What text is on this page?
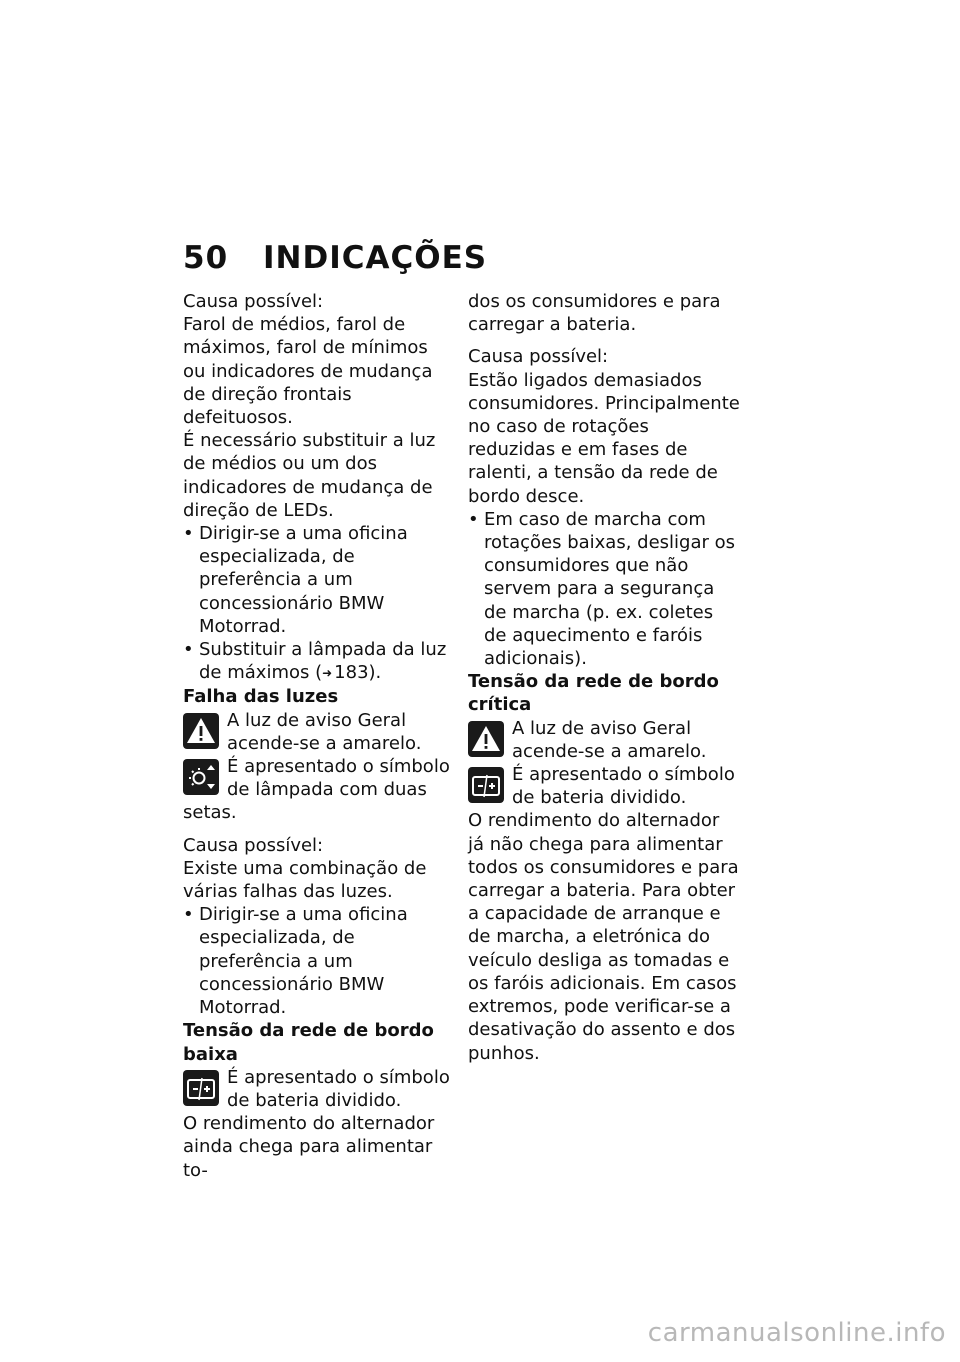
50	INDICAÇÕES

Causa possível:

Farol de médios, farol de máximos, farol de mínimos ou indicadores de mudança de direção frontais defeituosos.

É necessário substituir a luz de médios ou um dos indicadores de mudança de direção de LEDs.

• Dirigir-se a uma oficina especializada, de preferência a um concessionário BMW Motorrad.

• Substituir a lâmpada da luz de máximos (➜ 183).

Falha das luzes

A luz de aviso Geral acende-se a amarelo.
É apresentado o símbolo de lâmpada com duas setas.

Causa possível:

Existe uma combinação de várias falhas das luzes.

• Dirigir-se a uma oficina especializada, de preferência a um concessionário BMW Motorrad.

Tensão da rede de bordo baixa

É apresentado o símbolo de bateria dividido.

O rendimento do alternador ainda chega para alimentar to-

dos os consumidores e para carregar a bateria.

Causa possível:

Estão ligados demasiados consumidores. Principalmente no caso de rotações reduzidas e em fases de ralenti, a tensão da rede de bordo desce.

• Em caso de marcha com rotações baixas, desligar os consumidores que não servem para a segurança de marcha (p. ex. coletes de aquecimento e faróis adicionais).

Tensão da rede de bordo crítica

A luz de aviso Geral acende-se a amarelo.
É apresentado o símbolo de bateria dividido.

O rendimento do alternador já não chega para alimentar todos os consumidores e para carregar a bateria. Para obter a capacidade de arranque e de marcha, a eletrónica do veículo desliga as tomadas e os faróis adicionais. Em casos extremos, pode verificar-se a desativação do assento e dos punhos.

carmanualsonline.info
